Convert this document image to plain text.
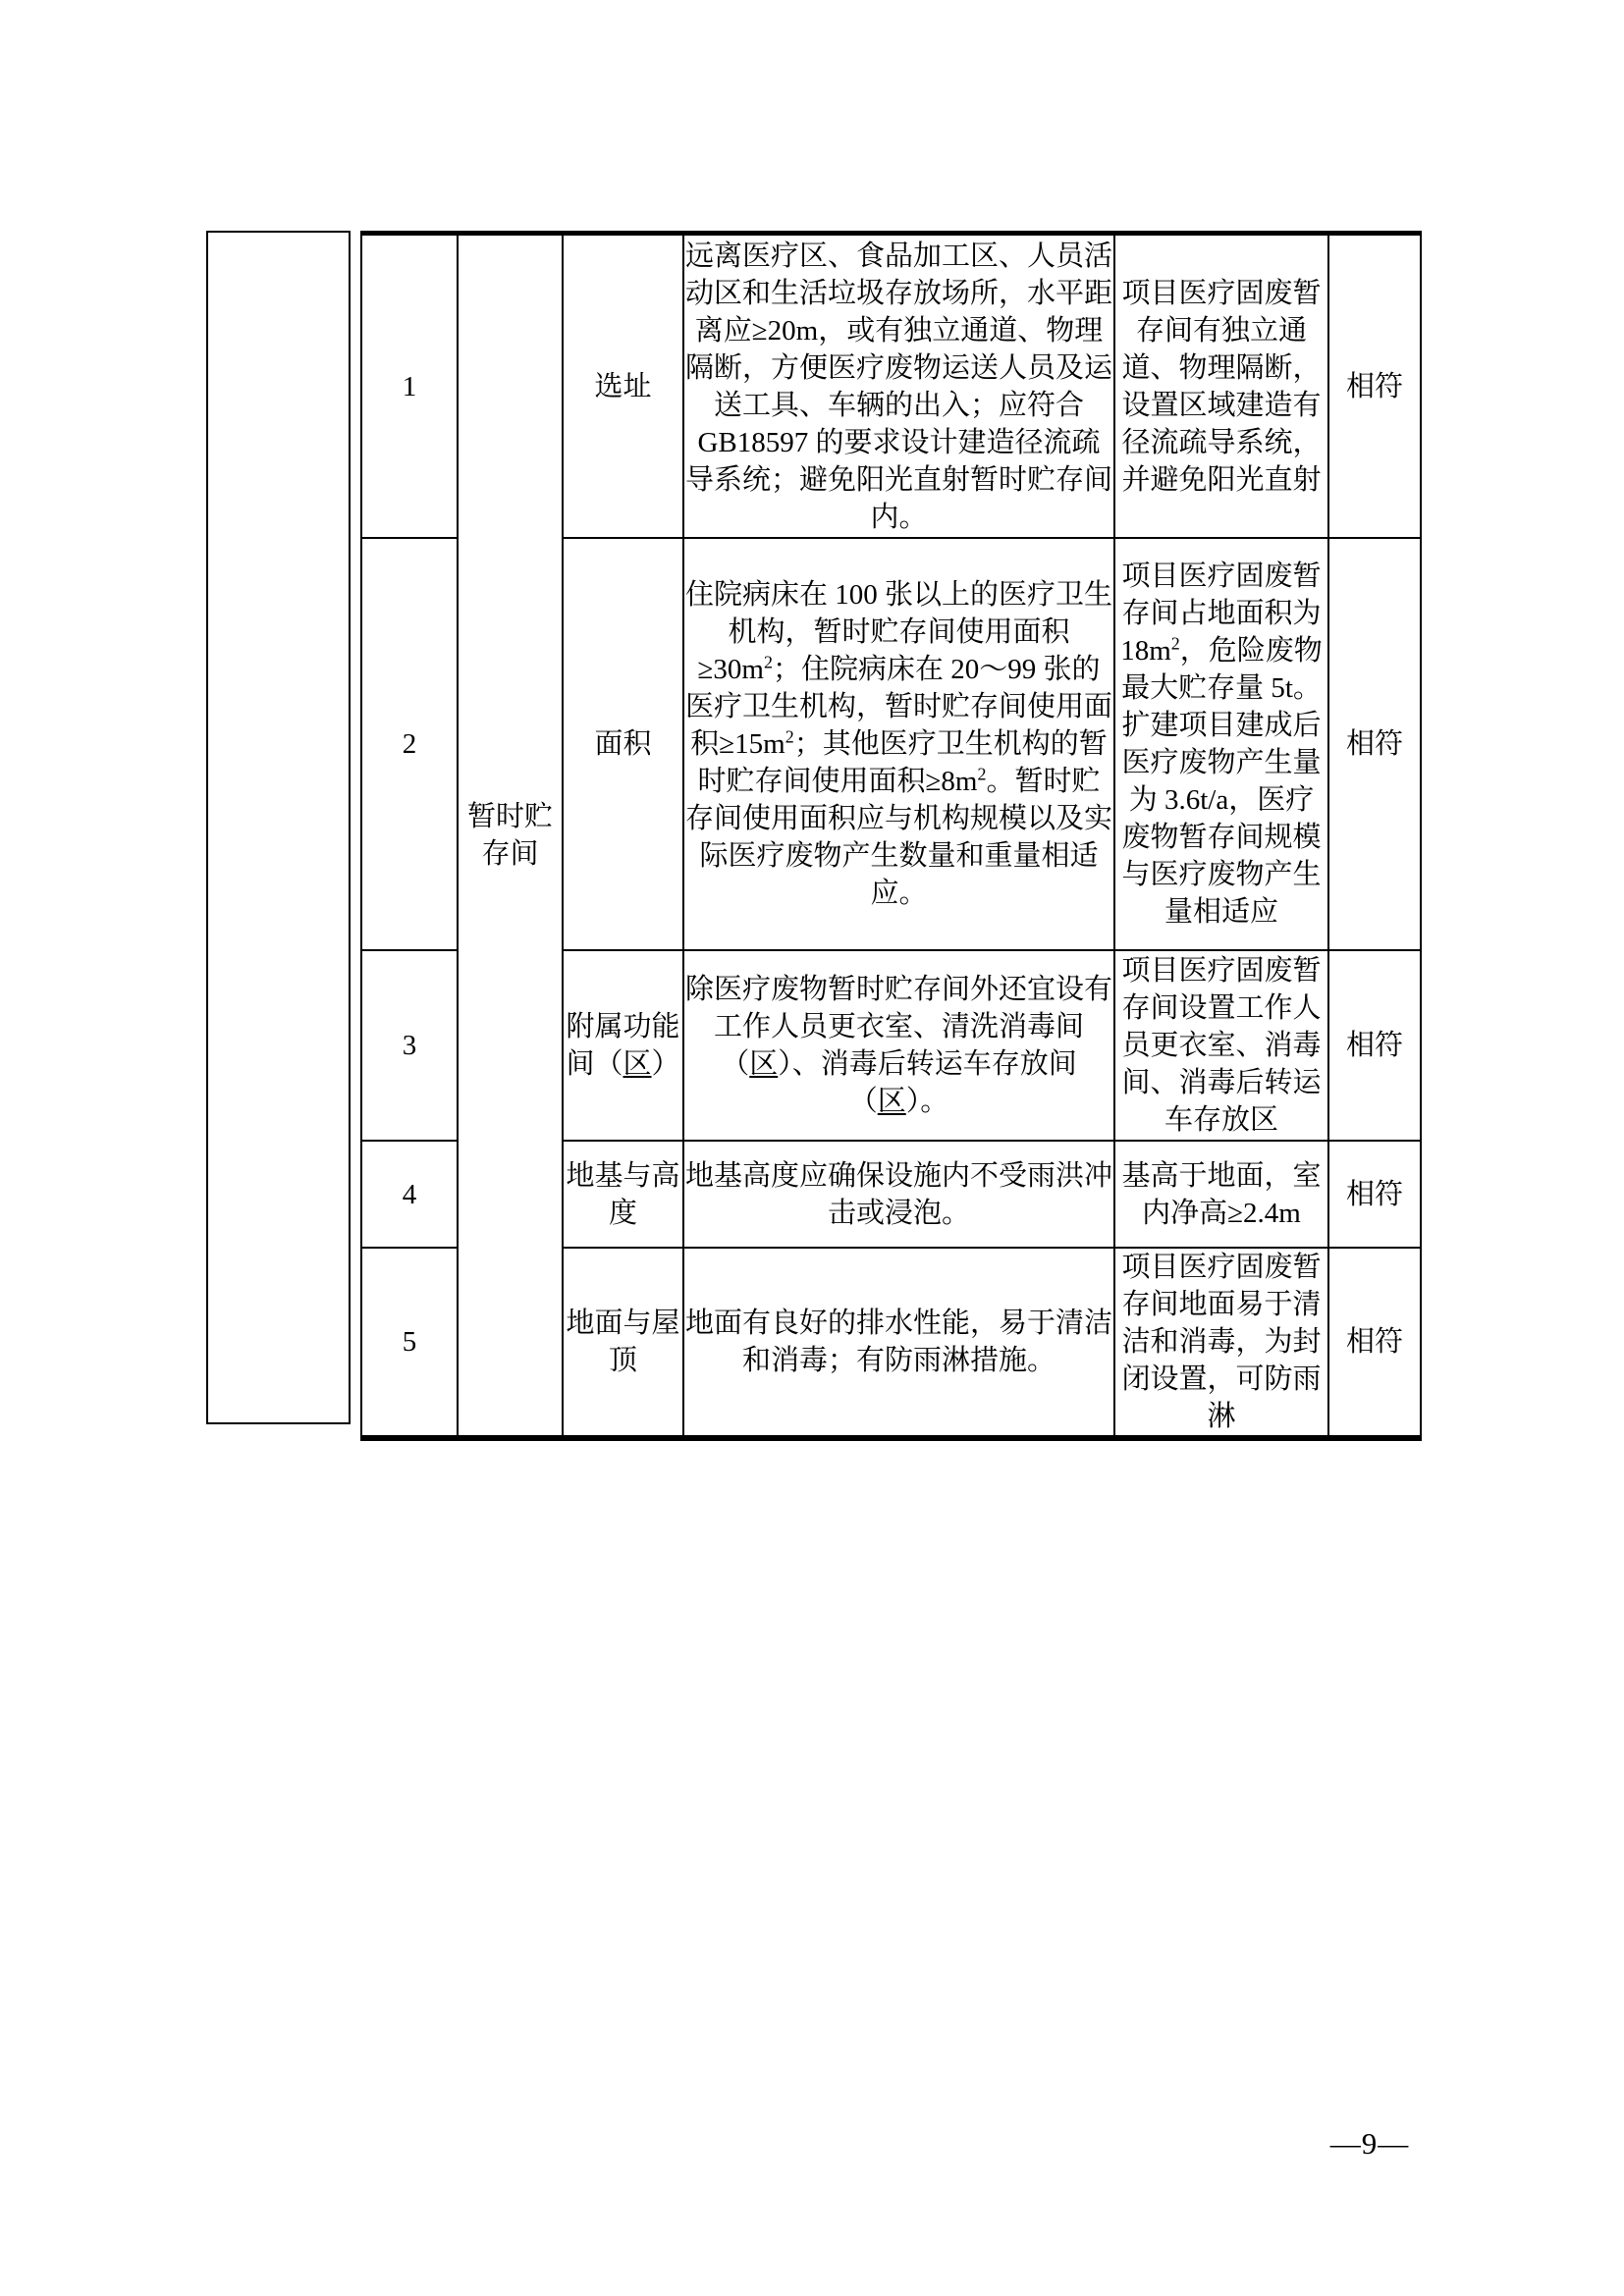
1	暂时贮存间	选址	远离医疗区、食品加工区、人员活动区和生活垃圾存放场所，水平距离应≥20m，或有独立通道、物理隔断，方便医疗废物运送人员及运送工具、车辆的出入；应符合 GB18597 的要求设计建造径流疏导系统；避免阳光直射暂时贮存间内。	项目医疗固废暂存间有独立通道、物理隔断，设置区域建造有径流疏导系统，并避免阳光直射	相符
2		面积	住院病床在 100 张以上的医疗卫生机构，暂时贮存间使用面积$\ge 30m^2$；住院病床在 20～99 张的医疗卫生机构，暂时贮存间使用面积$\ge 15m^2$；其他医疗卫生机构的暂时贮存间使用面积$\ge 8m^2$。暂时贮存间使用面积应与机构规模以及实际医疗废物产生数量和重量相适应。	项目医疗固废暂存间占地面积为 $18m^2$，危险废物最大贮存量 5t。扩建项目建成后医疗废物产生量为 3.6t/a，医疗废物暂存间规模与医疗废物产生量相适应	相符
3		附属功能间（区）	除医疗废物暂时贮存间外还宜设有工作人员更衣室、清洗消毒间（区）、消毒后转运车存放间（区）。	项目医疗固废暂存间设置工作人员更衣室、消毒间、消毒后转运车存放区	相符
4		地基与高度	地基高度应确保设施内不受雨洪冲击或浸泡。	基高于地面，室内净高≥2.4m	相符
5		地面与屋顶	地面有良好的排水性能，易于清洁和消毒；有防雨淋措施。	项目医疗固废暂存间地面易于清洁和消毒，为封闭设置，可防雨淋	相符
—9—
